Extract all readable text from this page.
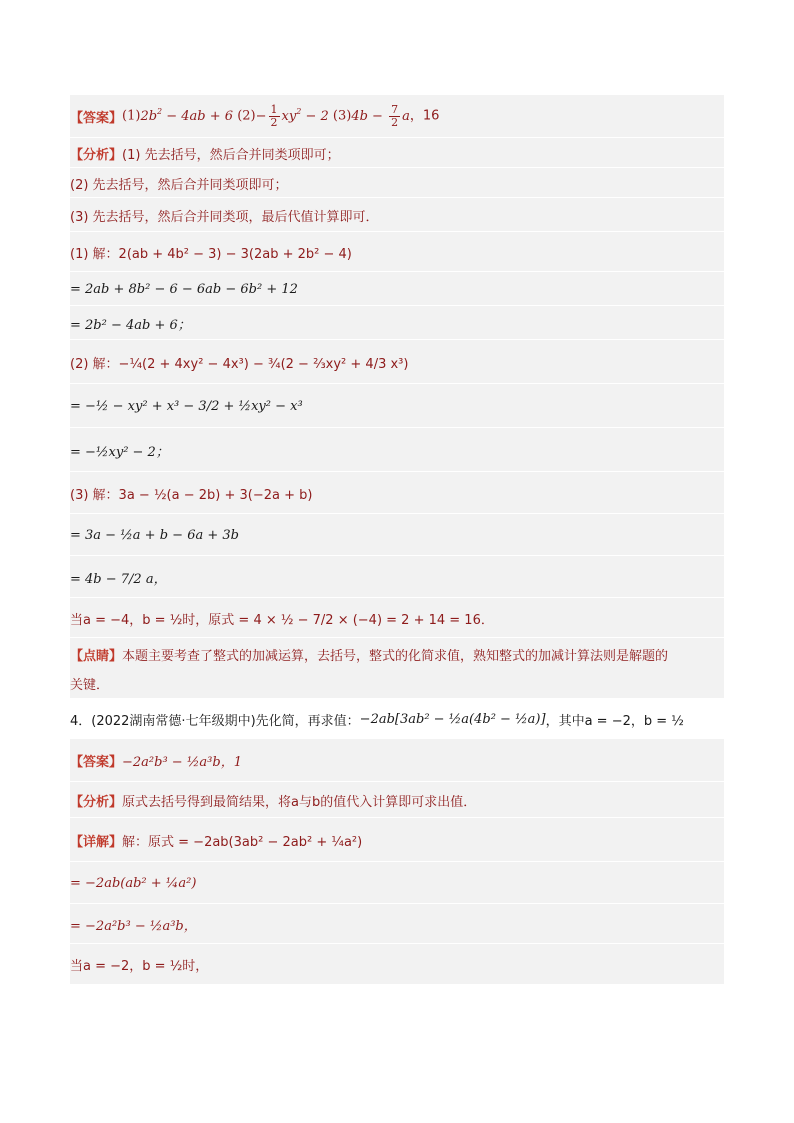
【答案】 $(1)2b^2 - 4ab + 6$ $(2)- \frac{1}{2} xy^2 - 2$ $(3)4b - \frac{7}{2}$ a，16
【分析】 (1) 先去括号，然后合并同类项即可；
(2) 先去括号，然后合并同类项即可；
(3) 先去括号，然后合并同类项，最后代值计算即可．
(1) 解：2(ab + 4b² − 3) − 3(2ab + 2b² − 4)
= 2ab + 8b² − 6 − 6ab − 6b² + 12
= 2b² − 4ab + 6；
(2) 解：−¼(2 + 4xy² − 4x³) − ¾(2 − ⅔xy² + 4/3 x³)
= −½ − xy² + x³ − 3/2 + ½xy² − x³
= −½xy² − 2；
(3) 解：3a − ½(a − 2b) + 3(−2a + b)
= 3a − ½a + b − 6a + 3b
= 4b − 7/2 a，
当a = −4，b = ½时，原式 = 4 × ½ − 7/2 × (−4) = 2 + 14 = 16．
【点睛】 本题主要考查了整式的加减运算，去括号，整式的化简求值，熟知整式的加减计算法则是解题的
关键．
4． (2022湖南常德·七年级期中) 先化简，再求值： −2ab[3ab² − ½a(4b² − ½a)] ，其中a = −2，b = ½
【答案】 −2a²b³ − ½a³b，1
【分析】 原式去括号得到最简结果，将a与b的值代入计算即可求出值．
【详解】 解：原式 = −2ab(3ab² − 2ab² + ¼a²)
= −2ab(ab² + ¼a²)
= −2a²b³ − ½a³b，
当a = −2，b = ½时，
